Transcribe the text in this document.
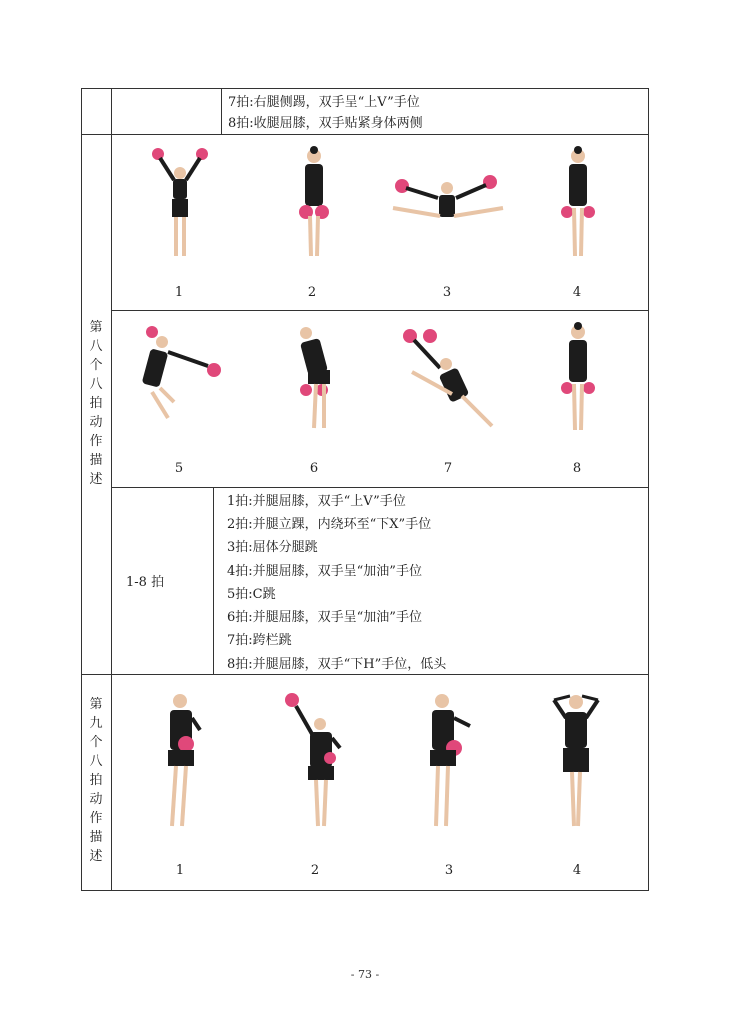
7拍:右腿侧踢，双手呈“上V”手位
8拍:收腿屈膝，双手贴紧身体两侧
第
八
个
八
拍
动
作
描
述
1	2	3	4
5	6	7	8
1-8 拍
1拍:并腿屈膝，双手“上V”手位
2拍:并腿立踝，内绕环至“下X”手位
3拍:屈体分腿跳
4拍:并腿屈膝，双手呈“加油”手位
5拍:C跳
6拍:并腿屈膝，双手呈“加油”手位
7拍:跨栏跳
8拍:并腿屈膝，双手“下H”手位，低头
第
九
个
八
拍
动
作
描
述
1	2	3	4
- 73 -
